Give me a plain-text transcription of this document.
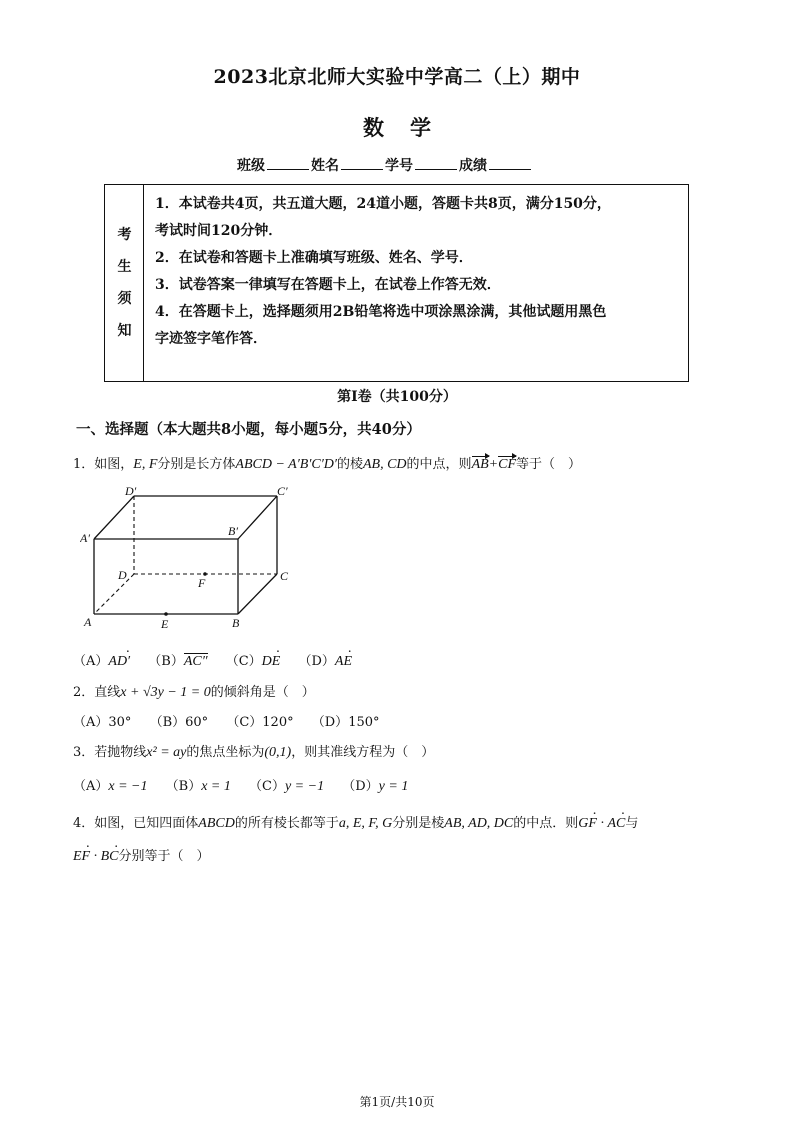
2023北京北师大实验中学高二（上）期中
数学
班级	姓名	学号	成绩
考
生
须
知
1．本试卷共4页，共五道大题，24道小题，答题卡共8页，满分150分，
考试时间120分钟．
2．在试卷和答题卡上准确填写班级、姓名、学号．
3．试卷答案一律填写在答题卡上，在试卷上作答无效．
4．在答题卡上，选择题须用2B铅笔将选中项涂黑涂满，其他试题用黑色
字迹签字笔作答．
第Ⅰ卷（共100分）
一、选择题（本大题共8小题，每小题5分，共40分）
1．如图，E, F分别是长方体ABCD − A′B′C′D′的棱AB, CD的中点，则AB+CF等于（　）
A	B
C
D
A′	B′
C′
D′
E
F
（A）AD′ · （B）AC″ （C）DE · （D）AE ·
2．直线x + √3y − 1 = 0的倾斜角是（　）
（A）30° （B）60° （C）120° （D）150°
3．若抛物线x² = ay的焦点坐标为(0,1)，则其准线方程为（　）
（A）x = −1 （B）x = 1 （C）y = −1 （D）y = 1
4．如图，已知四面体ABCD的所有棱长都等于a, E, F, G分别是棱AB, AD, DC的中点．则GF · · AC ·与
EF · · BC ·分别等于（　）
第1页/共10页
